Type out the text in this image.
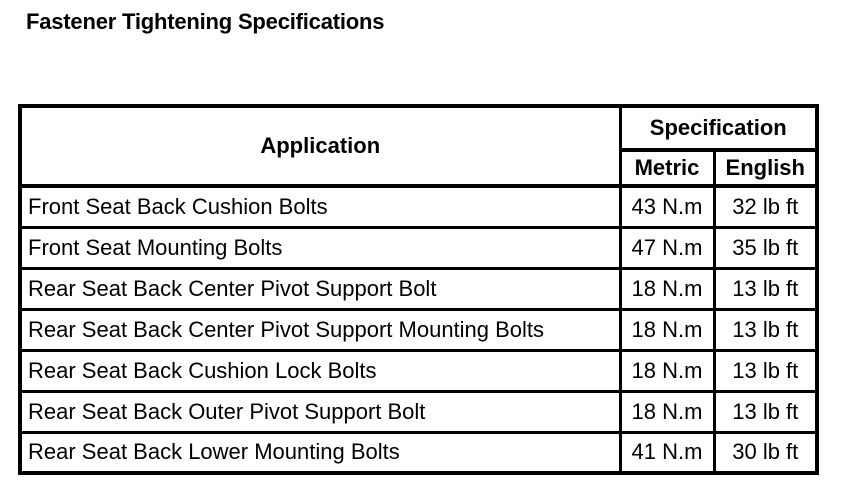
Fastener Tightening Specifications
Application	Specification	
	Metric	English
Front Seat Back Cushion Bolts	43 N.m	32 lb ft
Front Seat Mounting Bolts	47 N.m	35 lb ft
Rear Seat Back Center Pivot Support Bolt	18 N.m	13 lb ft
Rear Seat Back Center Pivot Support Mounting Bolts	18 N.m	13 lb ft
Rear Seat Back Cushion Lock Bolts	18 N.m	13 lb ft
Rear Seat Back Outer Pivot Support Bolt	18 N.m	13 lb ft
Rear Seat Back Lower Mounting Bolts	41 N.m	30 lb ft
